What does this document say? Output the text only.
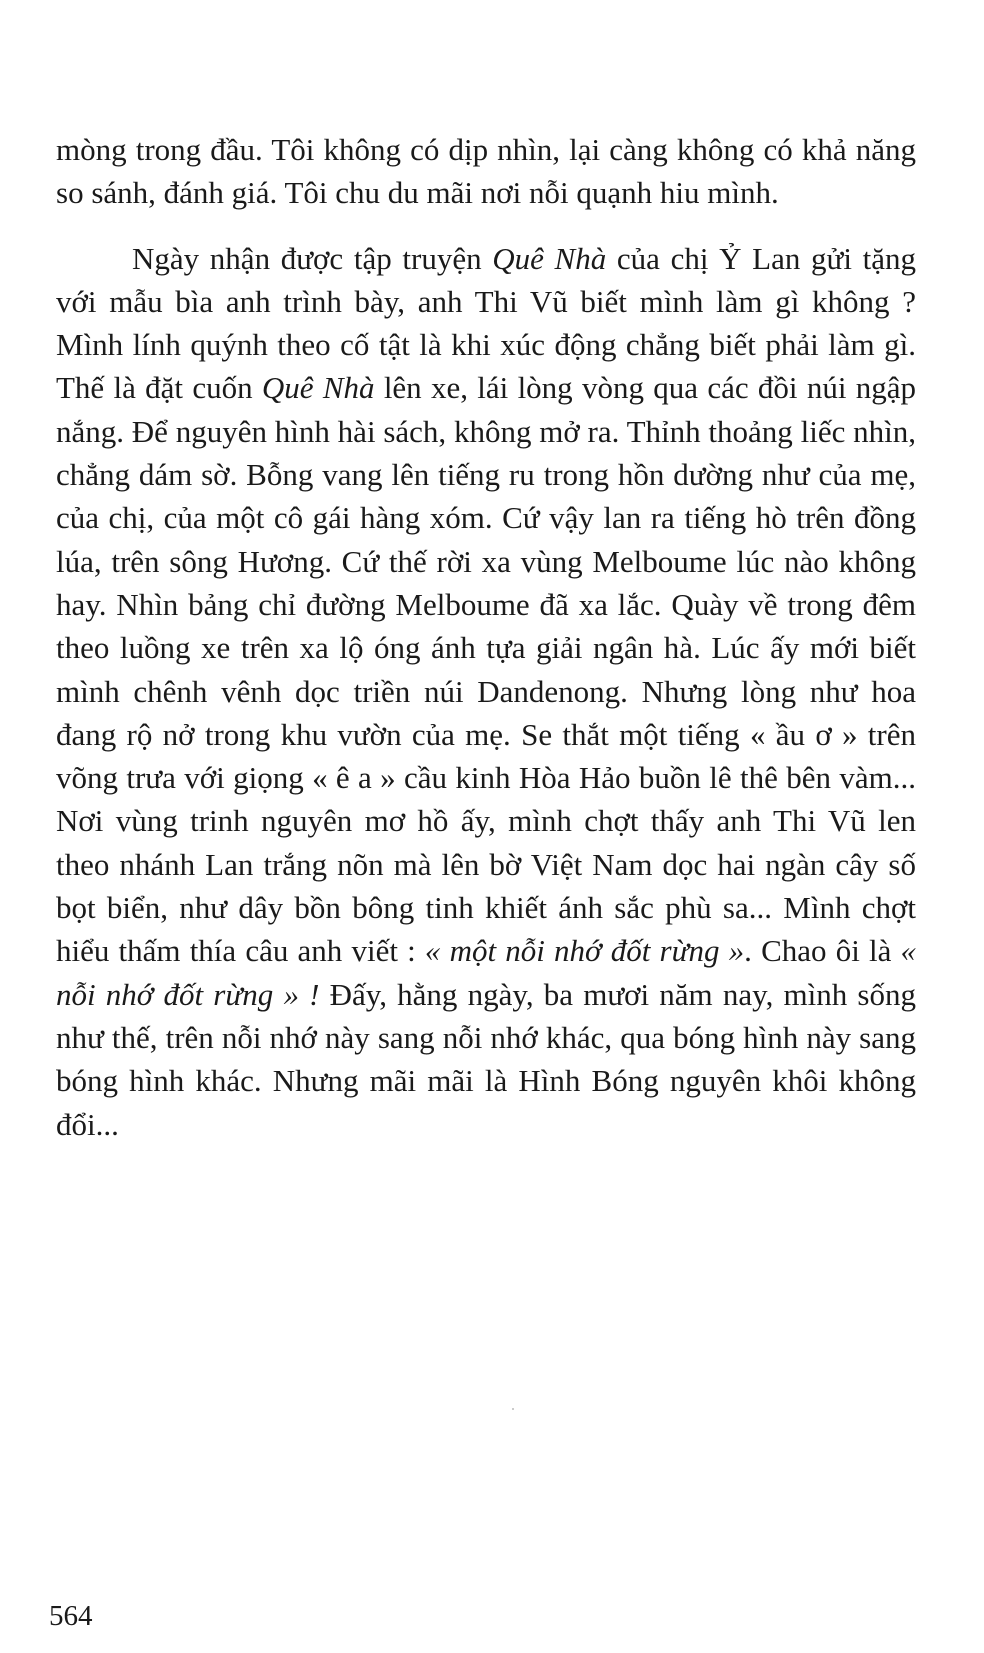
mòng trong đầu. Tôi không có dịp nhìn, lại càng không có khả năng so sánh, đánh giá. Tôi chu du mãi nơi nỗi quạnh hiu mình.

Ngày nhận được tập truyện Quê Nhà của chị Ỷ Lan gửi tặng với mẫu bìa anh trình bày, anh Thi Vũ biết mình làm gì không ? Mình lính quýnh theo cố tật là khi xúc động chẳng biết phải làm gì. Thế là đặt cuốn Quê Nhà lên xe, lái lòng vòng qua các đồi núi ngập nắng. Để nguyên hình hài sách, không mở ra. Thỉnh thoảng liếc nhìn, chẳng dám sờ. Bỗng vang lên tiếng ru trong hồn dường như của mẹ, của chị, của một cô gái hàng xóm. Cứ vậy lan ra tiếng hò trên đồng lúa, trên sông Hương. Cứ thế rời xa vùng Melboume lúc nào không hay. Nhìn bảng chỉ đường Melboume đã xa lắc. Quày về trong đêm theo luồng xe trên xa lộ óng ánh tựa giải ngân hà. Lúc ấy mới biết mình chênh vênh dọc triền núi Dandenong. Nhưng lòng như hoa đang rộ nở trong khu vườn của mẹ. Se thắt một tiếng « ầu ơ » trên võng trưa với giọng « ê a » cầu kinh Hòa Hảo buồn lê thê bên vàm... Nơi vùng trinh nguyên mơ hồ ấy, mình chợt thấy anh Thi Vũ len theo nhánh Lan trắng nõn mà lên bờ Việt Nam dọc hai ngàn cây số bọt biển, như dây bồn bông tinh khiết ánh sắc phù sa... Mình chợt hiểu thấm thía câu anh viết : « một nỗi nhớ đốt rừng ». Chao ôi là « nỗi nhớ đốt rừng » ! Đấy, hằng ngày, ba mươi năm nay, mình sống như thế, trên nỗi nhớ này sang nỗi nhớ khác, qua bóng hình này sang bóng hình khác. Nhưng mãi mãi là Hình Bóng nguyên khôi không đổi...

564
